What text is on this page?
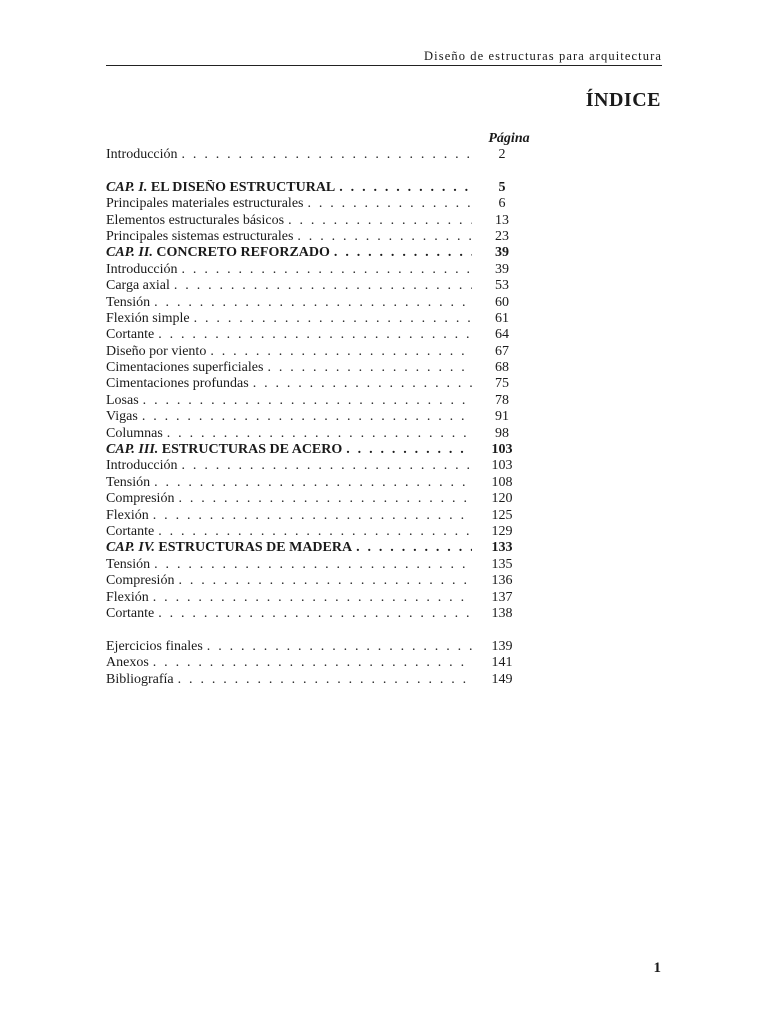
Diseño de estructuras para arquitectura
ÍNDICE
Página
Introducción . . .	2
CAP. I. EL DISEÑO ESTRUCTURAL . . .	5
Principales materiales estructurales . . .	6
Elementos estructurales básicos . . .	13
Principales sistemas estructurales . . .	23
CAP. II. CONCRETO REFORZADO . . .	39
Introducción . . .	39
Carga axial . . .	53
Tensión . . .	60
Flexión simple . . .	61
Cortante . . .	64
Diseño por viento . . .	67
Cimentaciones superficiales . . .	68
Cimentaciones profundas . . .	75
Losas . . .	78
Vigas . . .	91
Columnas . . .	98
CAP. III. ESTRUCTURAS DE ACERO . . .	103
Introducción . . .	103
Tensión . . .	108
Compresión . . .	120
Flexión . . .	125
Cortante . . .	129
CAP. IV. ESTRUCTURAS DE MADERA . . .	133
Tensión . . .	135
Compresión . . .	136
Flexión . . .	137
Cortante . . .	138
Ejercicios finales . . .	139
Anexos . . .	141
Bibliografía . . .	149
1
